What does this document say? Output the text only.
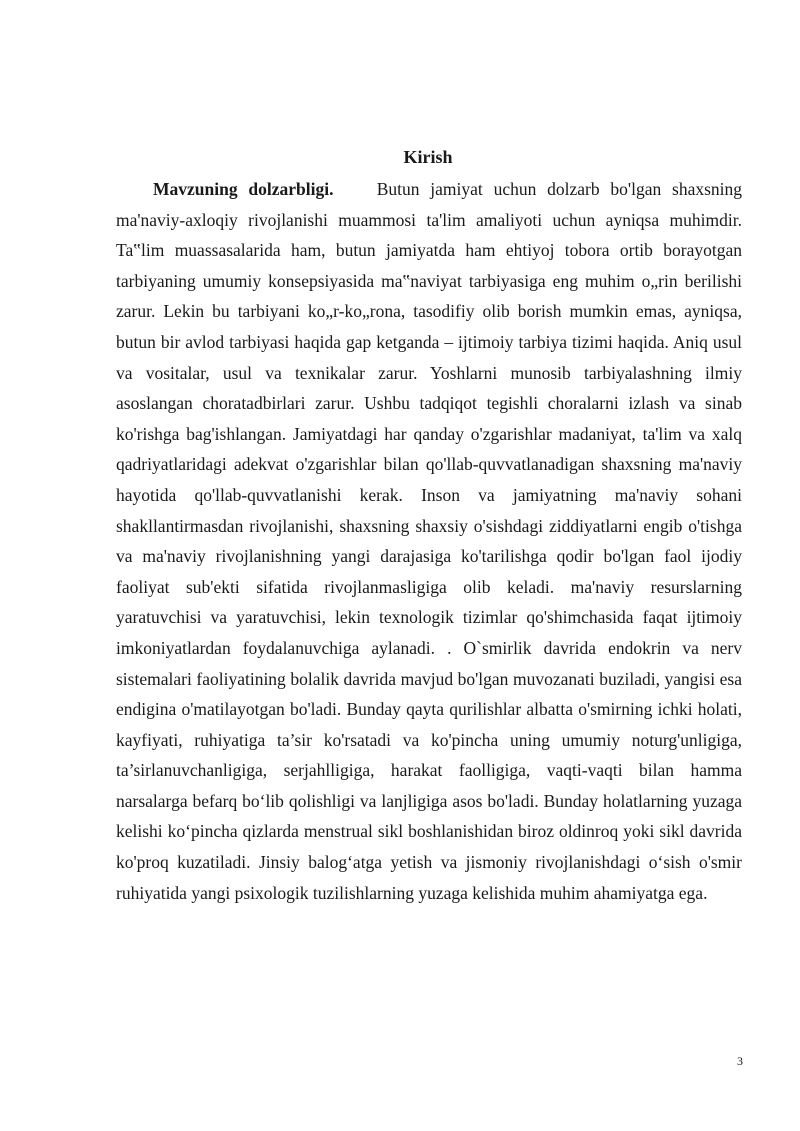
Kirish

Mavzuning dolzarbligi. Butun jamiyat uchun dolzarb bo'lgan shaxsning ma'naviy-axloqiy rivojlanishi muammosi ta'lim amaliyoti uchun ayniqsa muhimdir. Ta‟lim muassasalarida ham, butun jamiyatda ham ehtiyoj tobora ortib borayotgan tarbiyaning umumiy konsepsiyasida ma‟naviyat tarbiyasiga eng muhim o„rin berilishi zarur. Lekin bu tarbiyani ko„r-ko„rona, tasodifiy olib borish mumkin emas, ayniqsa, butun bir avlod tarbiyasi haqida gap ketganda – ijtimoiy tarbiya tizimi haqida. Aniq usul va vositalar, usul va texnikalar zarur. Yoshlarni munosib tarbiyalashning ilmiy asoslangan choratadbirlari zarur. Ushbu tadqiqot tegishli choralarni izlash va sinab ko'rishga bag'ishlangan. Jamiyatdagi har qanday o'zgarishlar madaniyat, ta'lim va xalq qadriyatlaridagi adekvat o'zgarishlar bilan qo'llab-quvvatlanadigan shaxsning ma'naviy hayotida qo'llab-quvvatlanishi kerak. Inson va jamiyatning ma'naviy sohani shakllantirmasdan rivojlanishi, shaxsning shaxsiy o'sishdagi ziddiyatlarni engib o'tishga va ma'naviy rivojlanishning yangi darajasiga ko'tarilishga qodir bo'lgan faol ijodiy faoliyat sub'ekti sifatida rivojlanmasligiga olib keladi. ma'naviy resurslarning yaratuvchisi va yaratuvchisi, lekin texnologik tizimlar qo'shimchasida faqat ijtimoiy imkoniyatlardan foydalanuvchiga aylanadi. . O`smirlik davrida endokrin va nerv sistemalari faoliyatining bolalik davrida mavjud bo'lgan muvozanati buziladi, yangisi esa endigina o'matilayotgan bo'ladi. Bunday qayta qurilishlar albatta o'smirning ichki holati, kayfiyati, ruhiyatiga ta’sir ko'rsatadi va ko'pincha uning umumiy noturg'unligiga, ta’sirlanuvchanligiga, serjahlligiga, harakat faolligiga, vaqti-vaqti bilan hamma narsalarga befarq bo‘lib qolishligi va lanjligiga asos bo'ladi. Bunday holatlarning yuzaga kelishi ko‘pincha qizlarda menstrual sikl boshlanishidan biroz oldinroq yoki sikl davrida ko'proq kuzatiladi. Jinsiy balog‘atga yetish va jismoniy rivojlanishdagi o‘sish o'smir ruhiyatida yangi psixologik tuzilishlarning yuzaga kelishida muhim ahamiyatga ega.

3
